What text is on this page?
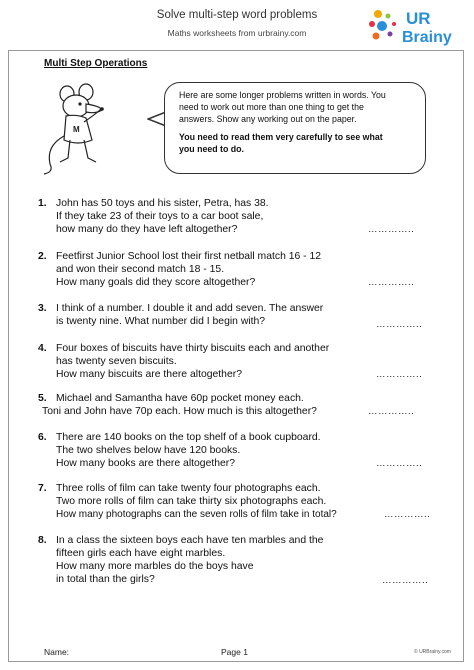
Solve multi-step word problems
Maths worksheets from urbrainy.com
UR
Brainy
Multi Step Operations
M

Here are some longer problems written in words. You

need to work out more than one thing to get the

answers. Show any working out on the paper.

You need to read them very carefully to see what

you need to do.

1. John has 50 toys and his sister, Petra, has 38.
If they take 23 of their toys to a car boot sale,
how many do they have left altogether?	…………..
2. Feetfirst Junior School lost their first netball match 16 - 12
and won their second match 18 - 15.
How many goals did they score altogether?	…………..
3. I think of a number. I double it and add seven. The answer
is twenty nine. What number did I begin with?	…………..
4. Four boxes of biscuits have thirty biscuits each and another
has twenty seven biscuits.
How many biscuits are there altogether?	…………..
5. Michael and Samantha have 60p pocket money each.
Toni and John have 70p each. How much is this altogether?	…………..
6. There are 140 books on the top shelf of a book cupboard.
The two shelves below have 120 books.
How many books are there altogether?	…………..
7. Three rolls of film can take twenty four photographs each.
Two more rolls of film can take thirty six photographs each.
How many photographs can the seven rolls of film take in total?	…………..
8. In a class the sixteen boys each have ten marbles and the
fifteen girls each have eight marbles.
How many more marbles do the boys have
in total than the girls?	…………..
Name:	Page 1	© URBrainy.com
